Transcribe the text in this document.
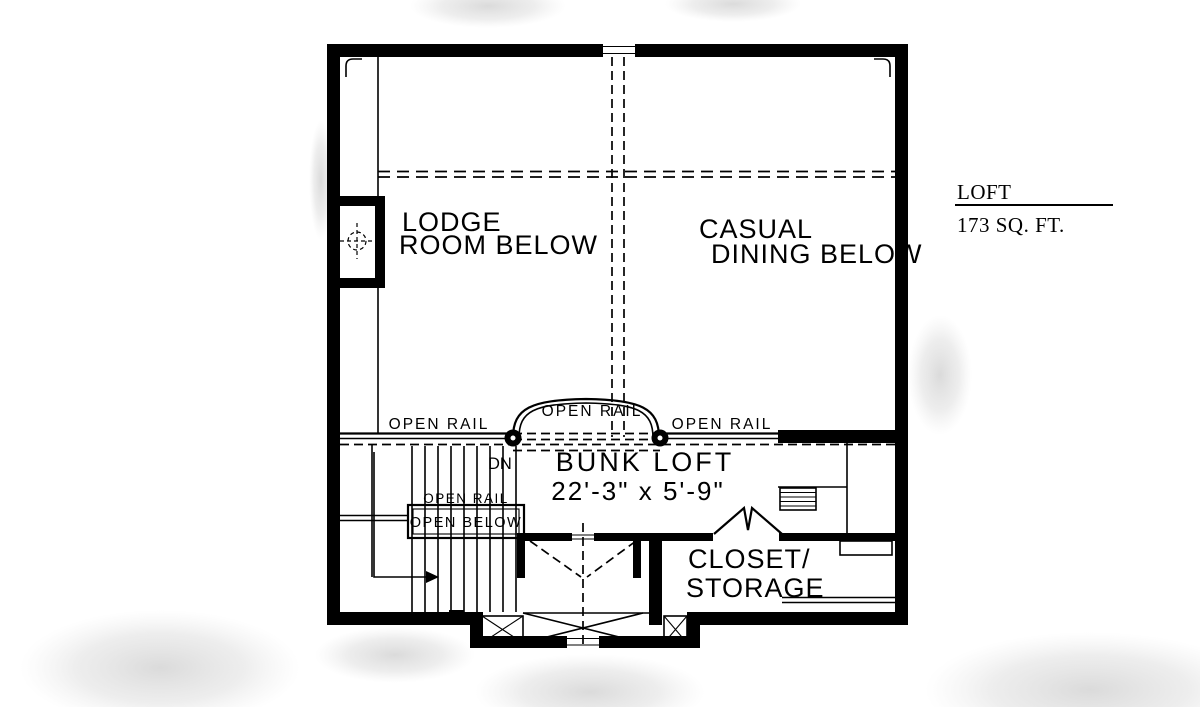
LODGE
ROOM BELOW
CASUAL
DINING BELOW
BUNK LOFT
22'-3" x 5'-9"
CLOSET/
STORAGE
OPEN RAIL
OPEN RAIL
OPEN RAIL
DN
OPEN RAIL
OPEN BELOW
LOFT
173 SQ. FT.
